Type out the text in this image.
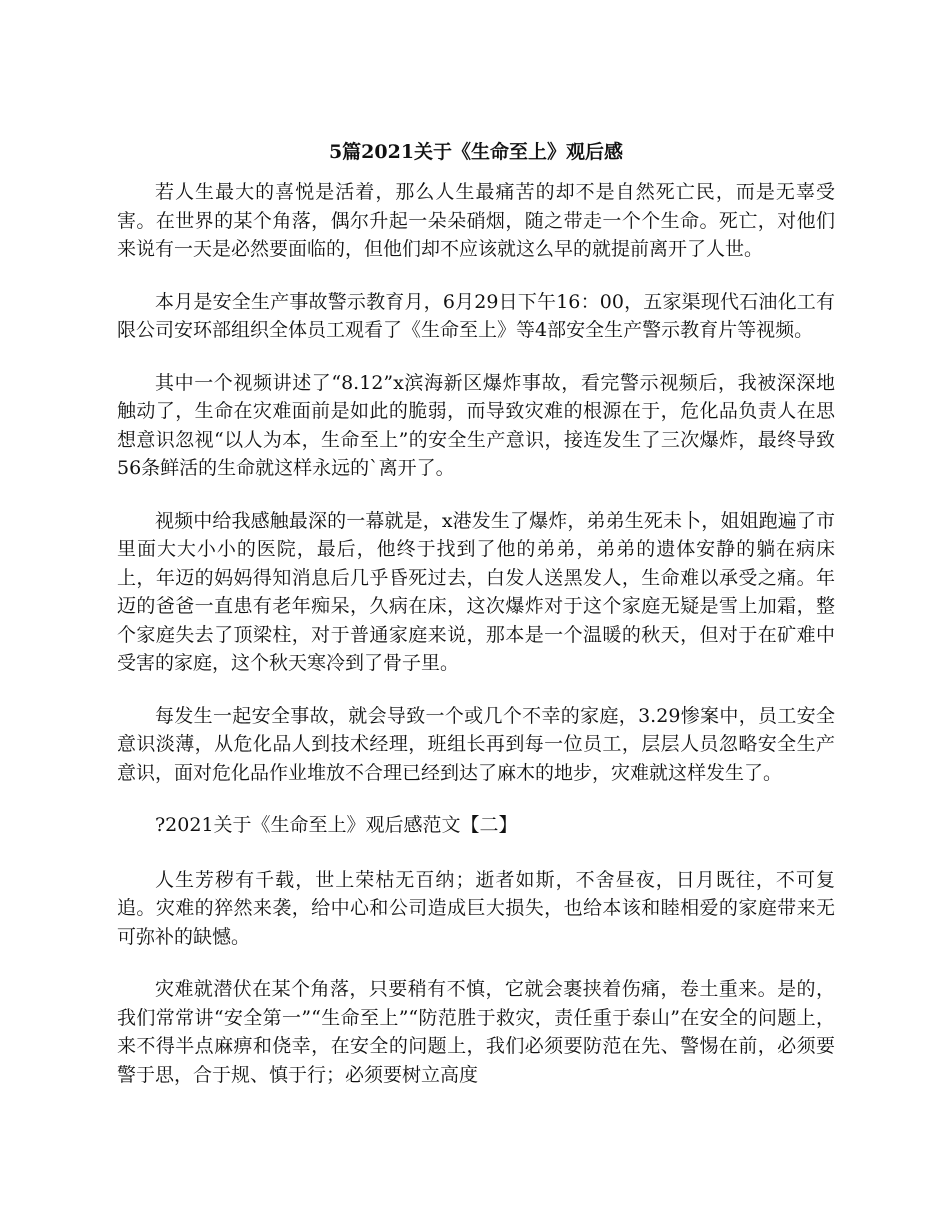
5篇2021关于《生命至上》观后感

若人生最大的喜悦是活着，那么人生最痛苦的却不是自然死亡民，而是无辜受害。在世界的某个角落，偶尔升起一朵朵硝烟，随之带走一个个生命。死亡，对他们来说有一天是必然要面临的，但他们却不应该就这么早的就提前离开了人世。

本月是安全生产事故警示教育月，6月29日下午16：00，五家渠现代石油化工有限公司安环部组织全体员工观看了《生命至上》等4部安全生产警示教育片等视频。

其中一个视频讲述了“8.12”x滨海新区爆炸事故，看完警示视频后，我被深深地触动了，生命在灾难面前是如此的脆弱，而导致灾难的根源在于，危化品负责人在思想意识忽视“以人为本，生命至上”的安全生产意识，接连发生了三次爆炸，最终导致56条鲜活的生命就这样永远的`离开了。

视频中给我感触最深的一幕就是，x港发生了爆炸，弟弟生死未卜，姐姐跑遍了市里面大大小小的医院，最后，他终于找到了他的弟弟，弟弟的遗体安静的躺在病床上，年迈的妈妈得知消息后几乎昏死过去，白发人送黑发人，生命难以承受之痛。年迈的爸爸一直患有老年痴呆，久病在床，这次爆炸对于这个家庭无疑是雪上加霜，整个家庭失去了顶梁柱，对于普通家庭来说，那本是一个温暖的秋天，但对于在矿难中受害的家庭，这个秋天寒冷到了骨子里。

每发生一起安全事故，就会导致一个或几个不幸的家庭，3.29惨案中，员工安全意识淡薄，从危化品人到技术经理，班组长再到每一位员工，层层人员忽略安全生产意识，面对危化品作业堆放不合理已经到达了麻木的地步，灾难就这样发生了。

?2021关于《生命至上》观后感范文【二】

人生芳秽有千载，世上荣枯无百纳；逝者如斯，不舍昼夜，日月既往，不可复追。灾难的猝然来袭，给中心和公司造成巨大损失，也给本该和睦相爱的家庭带来无可弥补的缺憾。

灾难就潜伏在某个角落，只要稍有不慎，它就会裹挟着伤痛，卷土重来。是的，我们常常讲“安全第一”“生命至上”“防范胜于救灾，责任重于泰山”在安全的问题上，来不得半点麻痹和侥幸，在安全的问题上，我们必须要防范在先、警惕在前，必须要警于思，合于规、慎于行；必须要树立高度
